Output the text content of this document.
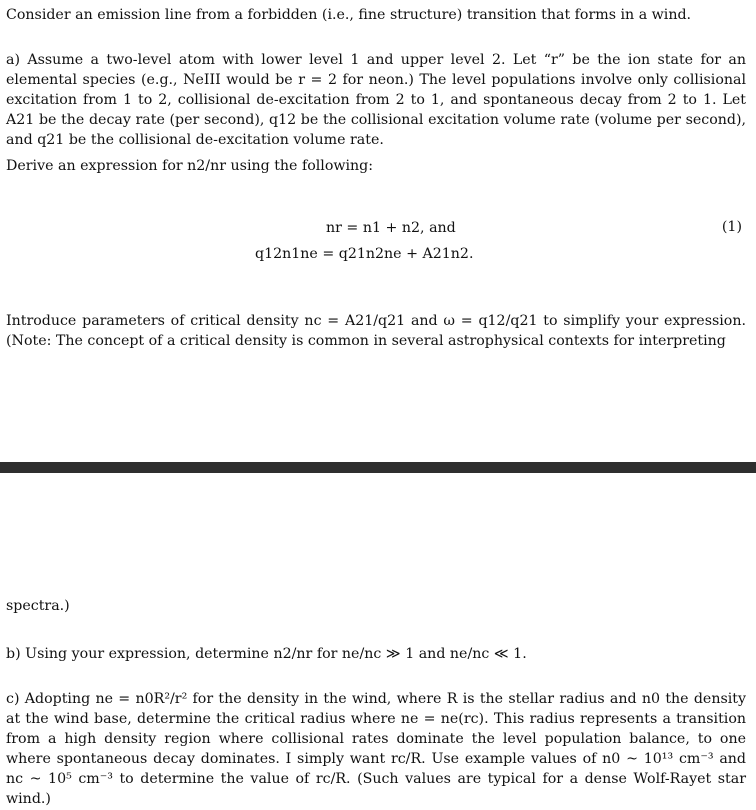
Consider an emission line from a forbidden (i.e., fine structure) transition that forms in a wind.

a) Assume a two-level atom with lower level 1 and upper level 2. Let “r” be the ion state for an elemental species (e.g., NeIII would be r = 2 for neon.) The level populations involve only collisional excitation from 1 to 2, collisional de-excitation from 2 to 1, and spontaneous decay from 2 to 1. Let A21 be the decay rate (per second), q12 be the collisional excitation volume rate (volume per second), and q21 be the collisional de-excitation volume rate.

Derive an expression for n2/nr using the following:

nr = n1 + n2, and
q12n1ne = q21n2ne + A21n2.
(1)

Introduce parameters of critical density nc = A21/q21 and ω = q12/q21 to simplify your expression. (Note: The concept of a critical density is common in several astrophysical contexts for interpreting

spectra.)

b) Using your expression, determine n2/nr for ne/nc ≫ 1 and ne/nc ≪ 1.

c) Adopting ne = n0R²/r² for the density in the wind, where R is the stellar radius and n0 the density at the wind base, determine the critical radius where ne = ne(rc). This radius represents a transition from a high density region where collisional rates dominate the level population balance, to one where spontaneous decay dominates. I simply want rc/R. Use example values of n0 ~ 10¹³ cm⁻³ and nc ~ 10⁵ cm⁻³ to determine the value of rc/R. (Such values are typical for a dense Wolf-Rayet star wind.)
